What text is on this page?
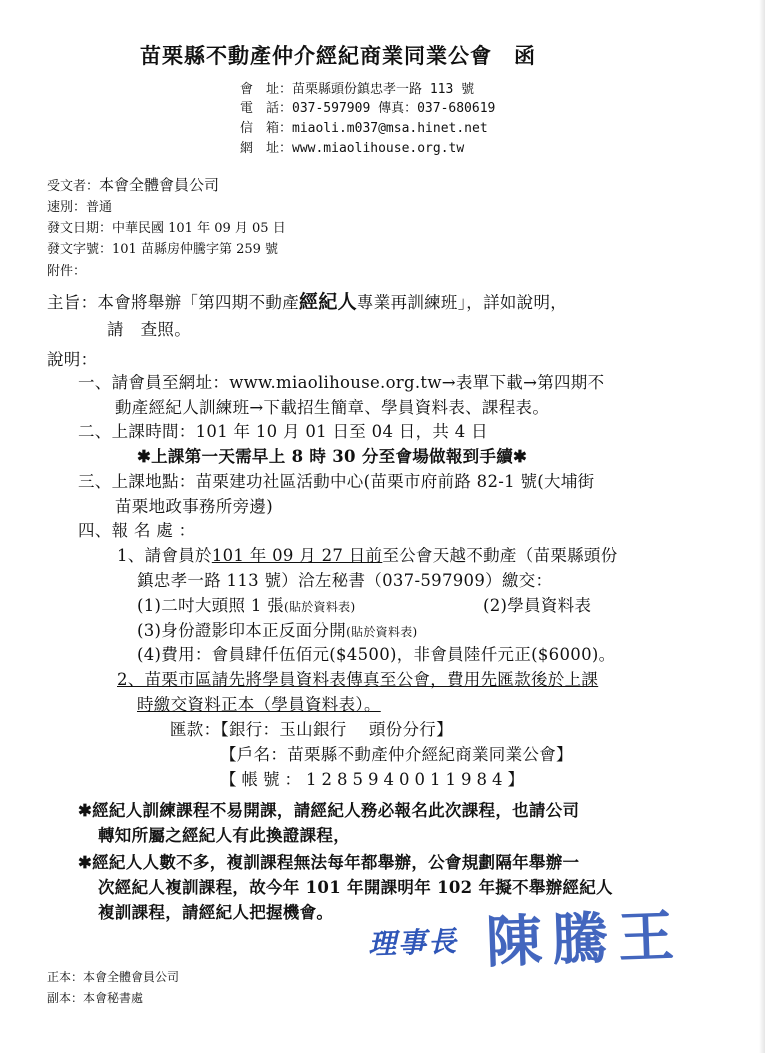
苗栗縣不動產仲介經紀商業同業公會　函
會　址：苗栗縣頭份鎮忠孝一路 113 號
電　話：037-597909 傳真：037-680619
信　箱：miaoli.m037@msa.hinet.net
網　址：www.miaolihouse.org.tw
受文者：本會全體會員公司
速別：普通
發文日期：中華民國 101 年 09 月 05 日
發文字號：101 苗縣房仲騰字第 259 號
附件：
主旨：本會將舉辦「第四期不動產經紀人專業再訓練班」，詳如說明，
請　查照。
說明：
一、請會員至網址：www.miaolihouse.org.tw→表單下載→第四期不
動產經紀人訓練班→下載招生簡章、學員資料表、課程表。
二、上課時間：101 年 10 月 01 日至 04 日，共 4 日
✱上課第一天需早上 8 時 30 分至會場做報到手續✱
三、上課地點：苗栗建功社區活動中心(苗栗市府前路 82-1 號(大埔街
苗栗地政事務所旁邊)
四、報 名 處 ：
1、請會員於101 年 09 月 27 日前至公會天越不動產（苗栗縣頭份
鎮忠孝一路 113 號）洽左秘書（037-597909）繳交：
(1)二吋大頭照 1 張(貼於資料表)	(2)學員資料表
(3)身份證影印本正反面分開(貼於資料表)
(4)費用：會員肆仟伍佰元($4500)，非會員陸仟元正($6000)。
2、苗栗市區請先將學員資料表傳真至公會，費用先匯款後於上課
時繳交資料正本（學員資料表）。
匯款：【銀行：玉山銀行　 頭份分行】
【戶名：苗栗縣不動產仲介經紀商業同業公會】
【帳號：1285940011984】
✱經紀人訓練課程不易開課，請經紀人務必報名此次課程，也請公司
轉知所屬之經紀人有此換證課程，
✱經紀人人數不多，複訓課程無法每年都舉辦，公會規劃隔年舉辦一
次經紀人複訓課程，故今年 101 年開課明年 102 年擬不舉辦經紀人
複訓課程，請經紀人把握機會。
理事長 陳騰王
正本：本會全體會員公司
副本：本會秘書處
